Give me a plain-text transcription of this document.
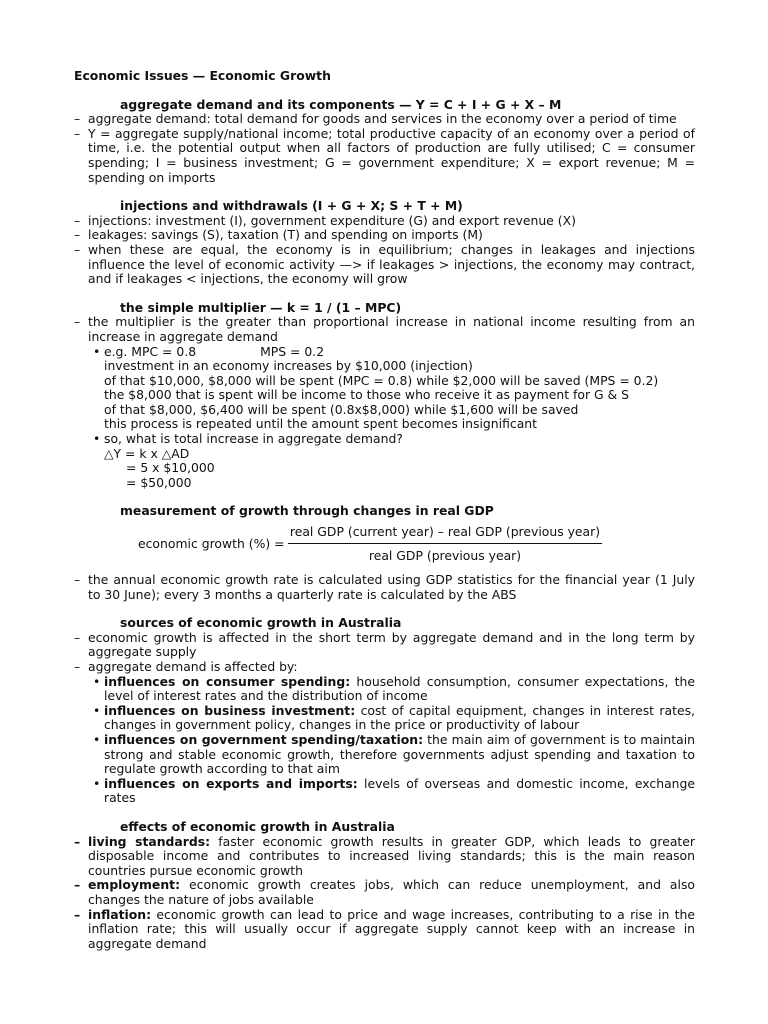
Economic Issues — Economic Growth
aggregate demand and its components — Y = C + I + G + X – M
– aggregate demand: total demand for goods and services in the economy over a period of time
– Y = aggregate supply/national income; total productive capacity of an economy over a period of time, i.e. the potential output when all factors of production are fully utilised; C = consumer spending; I = business investment; G = government expenditure; X = export revenue; M = spending on imports
injections and withdrawals (I + G + X; S + T + M)
– injections: investment (I), government expenditure (G) and export revenue (X)
– leakages: savings (S), taxation (T) and spending on imports (M)
– when these are equal, the economy is in equilibrium; changes in leakages and injections influence the level of economic activity —> if leakages > injections, the economy may contract, and if leakages < injections, the economy will grow
the simple multiplier — k = 1 / (1 – MPC)
– the multiplier is the greater than proportional increase in national income resulting from an increase in aggregate demand
• e.g. MPC = 0.8	MPS = 0.2
investment in an economy increases by $10,000 (injection)
of that $10,000, $8,000 will be spent (MPC = 0.8) while $2,000 will be saved (MPS = 0.2)
the $8,000 that is spent will be income to those who receive it as payment for G & S
of that $8,000, $6,400 will be spent (0.8x$8,000) while $1,600 will be saved
this process is repeated until the amount spent becomes insignificant
• so, what is total increase in aggregate demand?
△Y = k x △AD
= 5 x $10,000
= $50,000
measurement of growth through changes in real GDP
economic growth (%) =
real GDP (current year) – real GDP (previous year)
real GDP (previous year)
– the annual economic growth rate is calculated using GDP statistics for the financial year (1 July to 30 June); every 3 months a quarterly rate is calculated by the ABS
sources of economic growth in Australia
– economic growth is affected in the short term by aggregate demand and in the long term by aggregate supply
– aggregate demand is affected by:
• influences on consumer spending: household consumption, consumer expectations, the level of interest rates and the distribution of income
• influences on business investment: cost of capital equipment, changes in interest rates, changes in government policy, changes in the price or productivity of labour
• influences on government spending/taxation: the main aim of government is to maintain strong and stable economic growth, therefore governments adjust spending and taxation to regulate growth according to that aim
• influences on exports and imports: levels of overseas and domestic income, exchange rates
effects of economic growth in Australia
– living standards: faster economic growth results in greater GDP, which leads to greater disposable income and contributes to increased living standards; this is the main reason countries pursue economic growth
– employment: economic growth creates jobs, which can reduce unemployment, and also changes the nature of jobs available
– inflation: economic growth can lead to price and wage increases, contributing to a rise in the inflation rate; this will usually occur if aggregate supply cannot keep with an increase in aggregate demand
